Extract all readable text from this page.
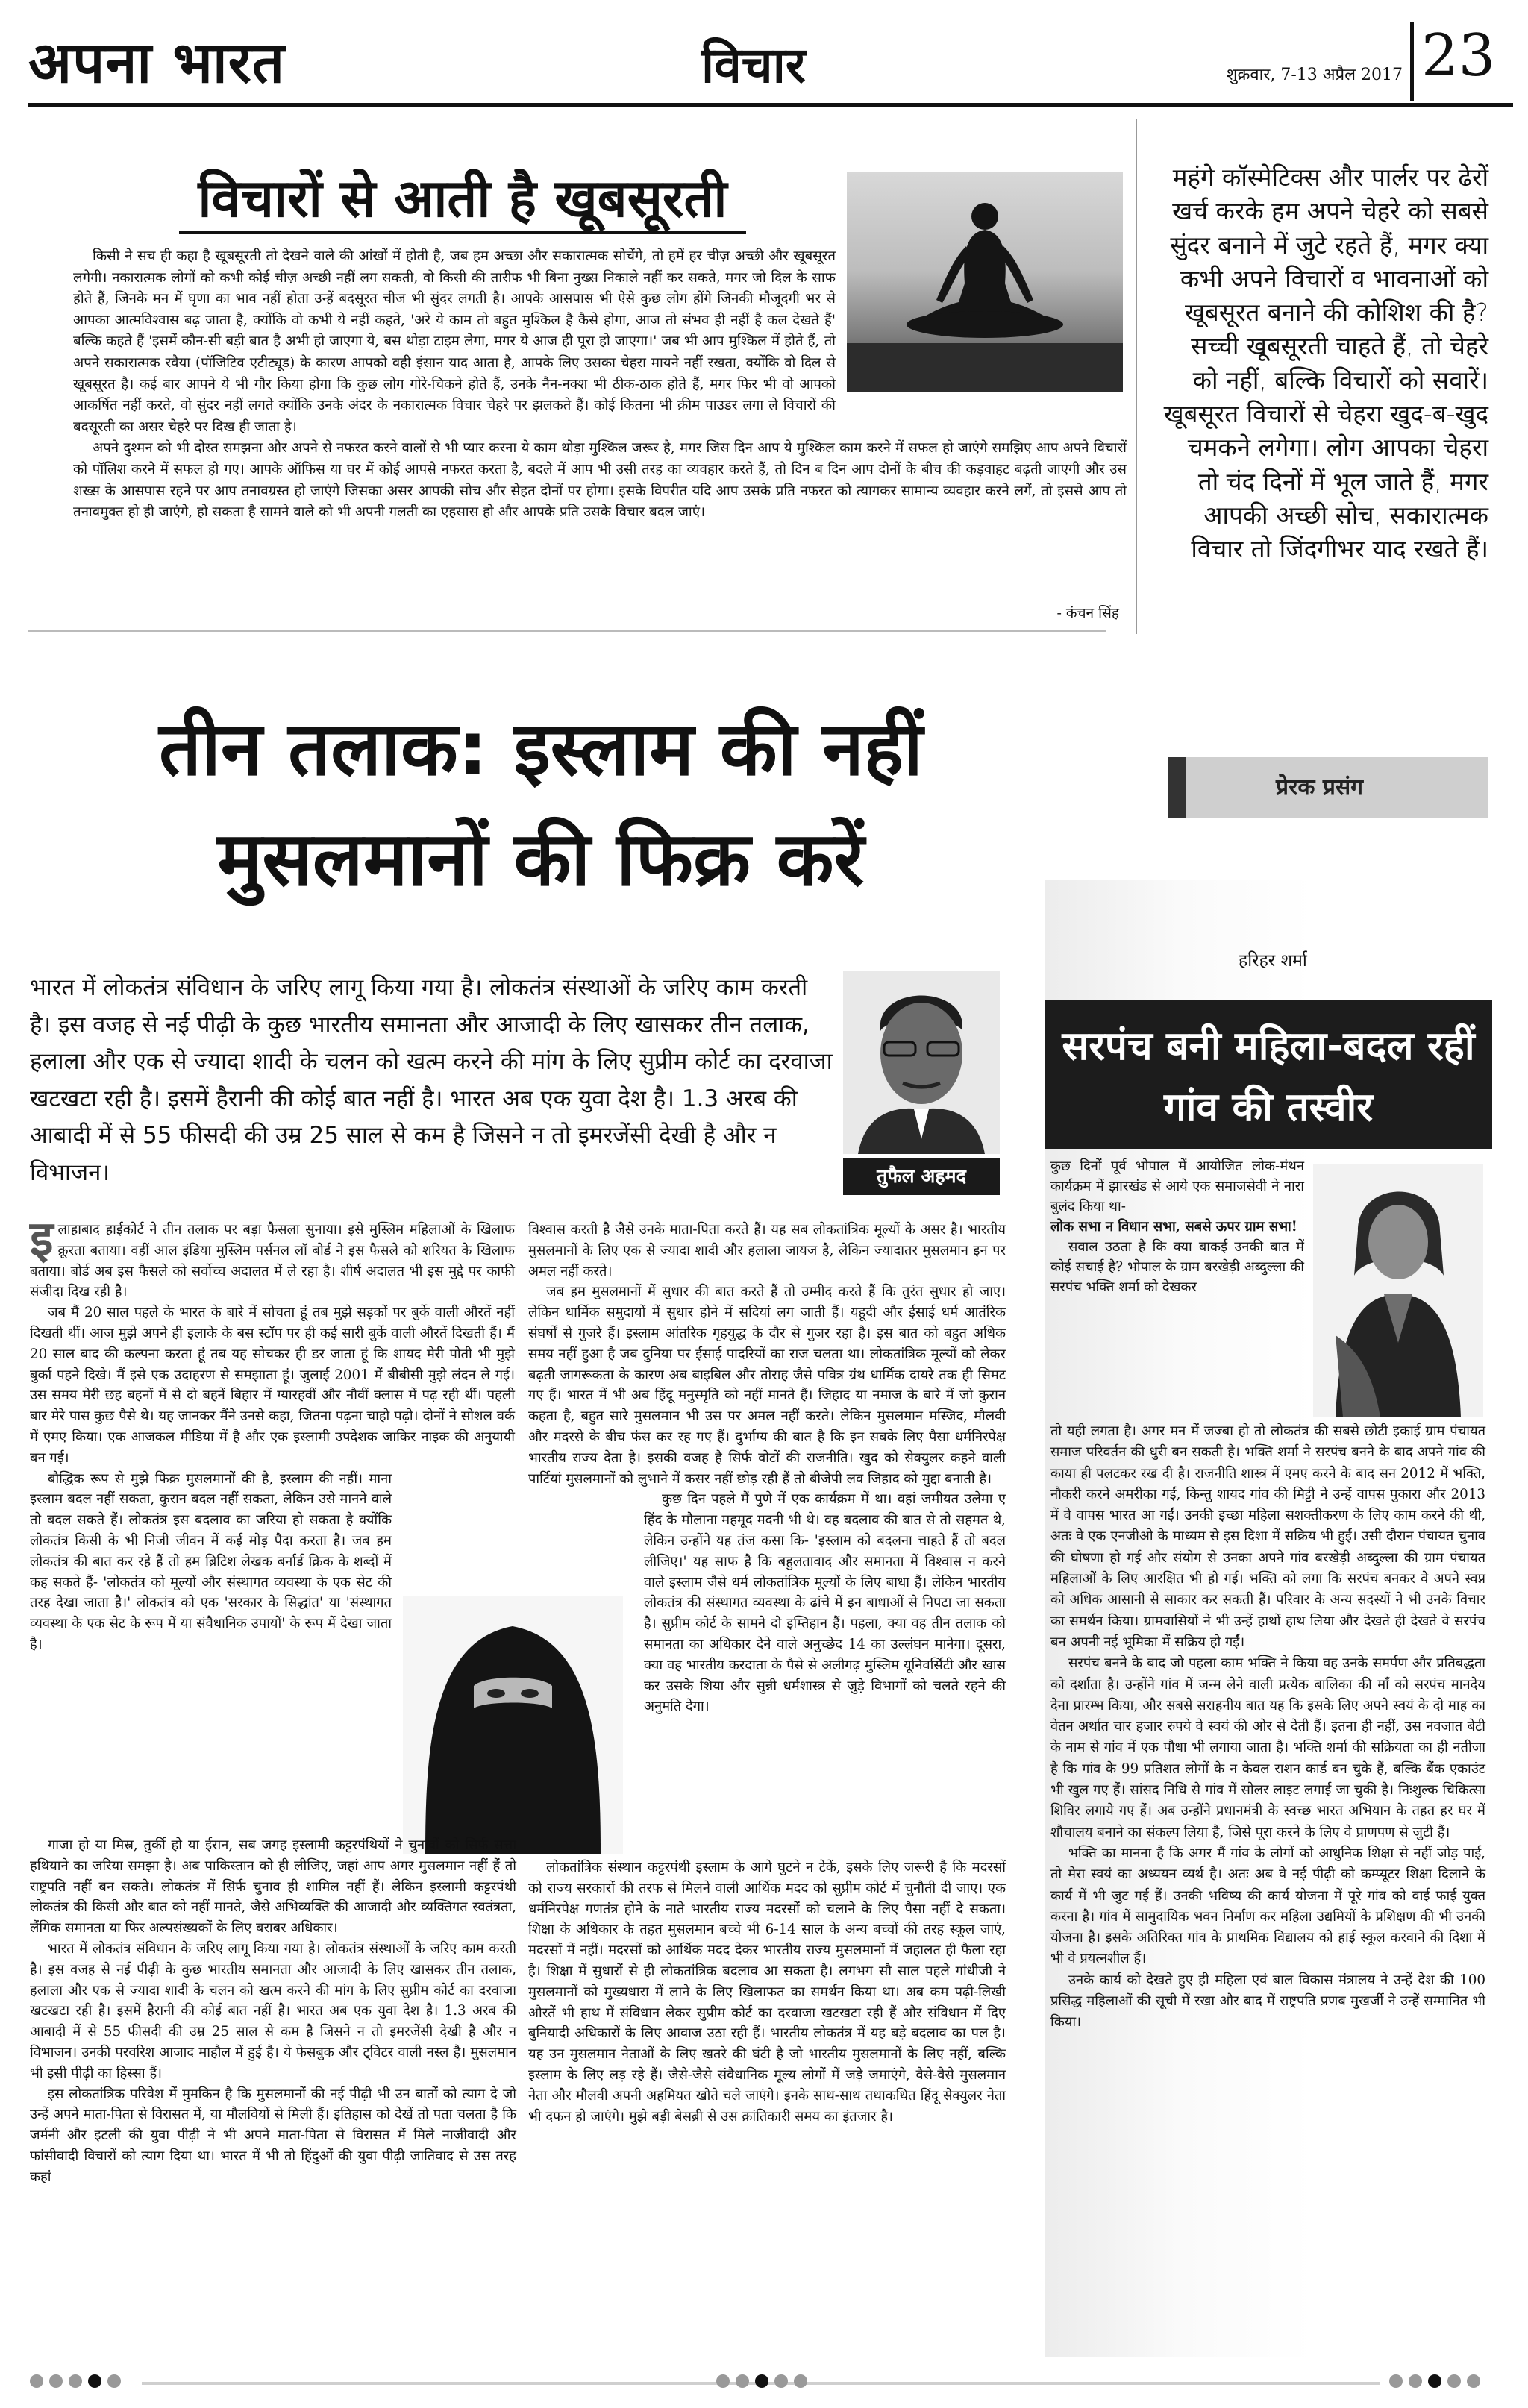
अपना भारत	विचार	शुक्रवार, 7-13 अप्रैल 2017 23
विचारों से आती है खूबसूरती

किसी ने सच ही कहा है खूबसूरती तो देखने वाले की आंखों में होती है, जब हम अच्छा और सकारात्मक सोचेंगे, तो हमें हर चीज़ अच्छी और खूबसूरत लगेगी। नकारात्मक लोगों को कभी कोई चीज़ अच्छी नहीं लग सकती, वो किसी की तारीफ भी बिना नुख्स निकाले नहीं कर सकते, मगर जो दिल के साफ होते हैं, जिनके मन में घृणा का भाव नहीं होता उन्हें बदसूरत चीज भी सुंदर लगती है। आपके आसपास भी ऐसे कुछ लोग होंगे जिनकी मौजूदगी भर से आपका आत्मविश्वास बढ़ जाता है, क्योंकि वो कभी ये नहीं कहते, 'अरे ये काम तो बहुत मुश्किल है कैसे होगा, आज तो संभव ही नहीं है कल देखते हैं' बल्कि कहते हैं 'इसमें कौन-सी बड़ी बात है अभी हो जाएगा ये, बस थोड़ा टाइम लेगा, मगर ये आज ही पूरा हो जाएगा।' जब भी आप मुश्किल में होते हैं, तो अपने सकारात्मक रवैया (पॉजिटिव एटीट्यूड) के कारण आपको वही इंसान याद आता है, आपके लिए उसका चेहरा मायने नहीं रखता, क्योंकि वो दिल से खूबसूरत है। कई बार आपने ये भी गौर किया होगा कि कुछ लोग गोरे-चिकने होते हैं, उनके नैन-नक्श भी ठीक-ठाक होते हैं, मगर फिर भी वो आपको आकर्षित नहीं करते, वो सुंदर नहीं लगते क्योंकि उनके अंदर के नकारात्मक विचार चेहरे पर झलकते हैं। कोई कितना भी क्रीम पाउडर लगा ले विचारों की बदसूरती का असर चेहरे पर दिख ही जाता है।

अपने दुश्मन को भी दोस्त समझना और अपने से नफरत करने वालों से भी प्यार करना ये काम थोड़ा मुश्किल जरूर है, मगर जिस दिन आप ये मुश्किल काम करने में सफल हो जाएंगे समझिए आप अपने विचारों को पॉलिश करने में सफल हो गए। आपके ऑफिस या घर में कोई आपसे नफरत करता है, बदले में आप भी उसी तरह का व्यवहार करते हैं, तो दिन ब दिन आप दोनों के बीच की कड़वाहट बढ़ती जाएगी और उस शख्स के आसपास रहने पर आप तनावग्रस्त हो जाएंगे जिसका असर आपकी सोच और सेहत दोनों पर होगा। इसके विपरीत यदि आप उसके प्रति नफरत को त्यागकर सामान्य व्यवहार करने लगें, तो इससे आप तो तनावमुक्त हो ही जाएंगे, हो सकता है सामने वाले को भी अपनी गलती का एहसास हो और आपके प्रति उसके विचार बदल जाएं।

- कंचन सिंह
महंगे कॉस्मेटिक्स और पार्लर पर ढेरों खर्च करके हम अपने चेहरे को सबसे सुंदर बनाने में जुटे रहते हैं, मगर क्या कभी अपने विचारों व भावनाओं को खूबसूरत बनाने की कोशिश की है? सच्ची खूबसूरती चाहते हैं, तो चेहरे को नहीं, बल्कि विचारों को सवारें। खूबसूरत विचारों से चेहरा खुद-ब-खुद चमकने लगेगा। लोग आपका चेहरा तो चंद दिनों में भूल जाते हैं, मगर आपकी अच्छी सोच, सकारात्मक विचार तो जिंदगीभर याद रखते हैं।
तीन तलाक: इस्लाम की नहीं
मुसलमानों की फिक्र करें
भारत में लोकतंत्र संविधान के जरिए लागू किया गया है। लोकतंत्र संस्थाओं के जरिए काम करती है। इस वजह से नई पीढ़ी के कुछ भारतीय समानता और आजादी के लिए खासकर तीन तलाक, हलाला और एक से ज्यादा शादी के चलन को खत्म करने की मांग के लिए सुप्रीम कोर्ट का दरवाजा खटखटा रही है। इसमें हैरानी की कोई बात नहीं है। भारत अब एक युवा देश है। 1.3 अरब की आबादी में से 55 फीसदी की उम्र 25 साल से कम है जिसने न तो इमरजेंसी देखी है और न विभाजन।	तुफैल अहमद

इलाहाबाद हाईकोर्ट ने तीन तलाक पर बड़ा फैसला सुनाया। इसे मुस्लिम महिलाओं के खिलाफ क्रूरता बताया। वहीं आल इंडिया मुस्लिम पर्सनल लॉ बोर्ड ने इस फैसले को शरियत के खिलाफ बताया। बोर्ड अब इस फैसले को सर्वोच्च अदालत में ले रहा है। शीर्ष अदालत भी इस मुद्दे पर काफी संजीदा दिख रही है।

जब मैं 20 साल पहले के भारत के बारे में सोचता हूं तब मुझे सड़कों पर बुर्के वाली औरतें नहीं दिखती थीं। आज मुझे अपने ही इलाके के बस स्टॉप पर ही कई सारी बुर्के वाली औरतें दिखती हैं। मैं 20 साल बाद की कल्पना करता हूं तब यह सोचकर ही डर जाता हूं कि शायद मेरी पोती भी मुझे बुर्का पहने दिखे। मैं इसे एक उदाहरण से समझाता हूं। जुलाई 2001 में बीबीसी मुझे लंदन ले गई। उस समय मेरी छह बहनों में से दो बहनें बिहार में ग्यारहवीं और नौवीं क्लास में पढ़ रही थीं। पहली बार मेरे पास कुछ पैसे थे। यह जानकर मैंने उनसे कहा, जितना पढ़ना चाहो पढ़ो। दोनों ने सोशल वर्क में एमए किया। एक आजकल मीडिया में है और एक इस्लामी उपदेशक जाकिर नाइक की अनुयायी बन गई।

बौद्धिक रूप से मुझे फिक्र मुसलमानों की है, इस्लाम की नहीं। माना इस्लाम बदल नहीं सकता, कुरान बदल नहीं सकता, लेकिन उसे मानने वाले तो बदल सकते हैं। लोकतंत्र इस बदलाव का जरिया हो सकता है क्योंकि लोकतंत्र किसी के भी निजी जीवन में कई मोड़ पैदा करता है। जब हम लोकतंत्र की बात कर रहे हैं तो हम ब्रिटिश लेखक बर्नार्ड क्रिक के शब्दों में कह सकते हैं- 'लोकतंत्र को मूल्यों और संस्थागत व्यवस्था के एक सेट की तरह देखा जाता है।' लोकतंत्र को एक 'सरकार के सिद्धांत' या 'संस्थागत व्यवस्था के एक सेट के रूप में या संवैधानिक उपायों' के रूप में देखा जाता है।

गाजा हो या मिस्र, तुर्की हो या ईरान, सब जगह इस्लामी कट्टरपंथियों ने चुनावों को सिर्फ सत्ता हथियाने का जरिया समझा है। अब पाकिस्तान को ही लीजिए, जहां आप अगर मुसलमान नहीं हैं तो राष्ट्रपति नहीं बन सकते। लोकतंत्र में सिर्फ चुनाव ही शामिल नहीं हैं। लेकिन इस्लामी कट्टरपंथी लोकतंत्र की किसी और बात को नहीं मानते, जैसे अभिव्यक्ति की आजादी और व्यक्तिगत स्वतंत्रता, लैंगिक समानता या फिर अल्पसंख्यकों के लिए बराबर अधिकार।

भारत में लोकतंत्र संविधान के जरिए लागू किया गया है। लोकतंत्र संस्थाओं के जरिए काम करती है। इस वजह से नई पीढ़ी के कुछ भारतीय समानता और आजादी के लिए खासकर तीन तलाक, हलाला और एक से ज्यादा शादी के चलन को खत्म करने की मांग के लिए सुप्रीम कोर्ट का दरवाजा खटखटा रही है। इसमें हैरानी की कोई बात नहीं है। भारत अब एक युवा देश है। 1.3 अरब की आबादी में से 55 फीसदी की उम्र 25 साल से कम है जिसने न तो इमरजेंसी देखी है और न विभाजन। उनकी परवरिश आजाद माहौल में हुई है। ये फेसबुक और ट्विटर वाली नस्ल है। मुसलमान भी इसी पीढ़ी का हिस्सा हैं।

इस लोकतांत्रिक परिवेश में मुमकिन है कि मुसलमानों की नई पीढ़ी भी उन बातों को त्याग दे जो उन्हें अपने माता-पिता से विरासत में, या मौलवियों से मिली हैं। इतिहास को देखें तो पता चलता है कि जर्मनी और इटली की युवा पीढ़ी ने भी अपने माता-पिता से विरासत में मिले नाजीवादी और फांसीवादी विचारों को त्याग दिया था। भारत में भी तो हिंदुओं की युवा पीढ़ी जातिवाद से उस तरह कहां

विश्वास करती है जैसे उनके माता-पिता करते हैं। यह सब लोकतांत्रिक मूल्यों के असर है। भारतीय मुसलमानों के लिए एक से ज्यादा शादी और हलाला जायज है, लेकिन ज्यादातर मुसलमान इन पर अमल नहीं करते।

जब हम मुसलमानों में सुधार की बात करते हैं तो उम्मीद करते हैं कि तुरंत सुधार हो जाए। लेकिन धार्मिक समुदायों में सुधार होने में सदियां लग जाती हैं। यहूदी और ईसाई धर्म आतंरिक संघर्षों से गुजरे हैं। इस्लाम आंतरिक गृहयुद्ध के दौर से गुजर रहा है। इस बात को बहुत अधिक समय नहीं हुआ है जब दुनिया पर ईसाई पादरियों का राज चलता था। लोकतांत्रिक मूल्यों को लेकर बढ़ती जागरूकता के कारण अब बाइबिल और तोराह जैसे पवित्र ग्रंथ धार्मिक दायरे तक ही सिमट गए हैं। भारत में भी अब हिंदू मनुस्मृति को नहीं मानते हैं। जिहाद या नमाज के बारे में जो कुरान कहता है, बहुत सारे मुसलमान भी उस पर अमल नहीं करते। लेकिन मुसलमान मस्जिद, मौलवी और मदरसे के बीच फंस कर रह गए हैं। दुर्भाग्य की बात है कि इन सबके लिए पैसा धर्मनिरपेक्ष भारतीय राज्य देता है। इसकी वजह है सिर्फ वोटों की राजनीति। खुद को सेक्युलर कहने वाली पार्टियां मुसलमानों को लुभाने में कसर नहीं छोड़ रही हैं तो बीजेपी लव जिहाद को मुद्दा बनाती है।

कुछ दिन पहले मैं पुणे में एक कार्यक्रम में था। वहां जमीयत उलेमा ए हिंद के मौलाना महमूद मदनी भी थे। वह बदलाव की बात से तो सहमत थे, लेकिन उन्होंने यह तंज कसा कि- 'इस्लाम को बदलना चाहते हैं तो बदल लीजिए।' यह साफ है कि बहुलतावाद और समानता में विश्वास न करने वाले इस्लाम जैसे धर्म लोकतांत्रिक मूल्यों के लिए बाधा हैं। लेकिन भारतीय लोकतंत्र की संस्थागत व्यवस्था के ढांचे में इन बाधाओं से निपटा जा सकता है। सुप्रीम कोर्ट के सामने दो इम्तिहान हैं। पहला, क्या वह तीन तलाक को समानता का अधिकार देने वाले अनुच्छेद 14 का उल्लंघन मानेगा। दूसरा, क्या वह भारतीय करदाता के पैसे से अलीगढ़ मुस्लिम यूनिवर्सिटी और खास कर उसके शिया और सुन्नी धर्मशास्त्र से जुड़े विभागों को चलते रहने की अनुमति देगा।

लोकतांत्रिक संस्थान कट्टरपंथी इस्लाम के आगे घुटने न टेकें, इसके लिए जरूरी है कि मदरसों को राज्य सरकारों की तरफ से मिलने वाली आर्थिक मदद को सुप्रीम कोर्ट में चुनौती दी जाए। एक धर्मनिरपेक्ष गणतंत्र होने के नाते भारतीय राज्य मदरसों को चलाने के लिए पैसा नहीं दे सकता। शिक्षा के अधिकार के तहत मुसलमान बच्चे भी 6-14 साल के अन्य बच्चों की तरह स्कूल जाएं, मदरसों में नहीं। मदरसों को आर्थिक मदद देकर भारतीय राज्य मुसलमानों में जहालत ही फैला रहा है। शिक्षा में सुधारों से ही लोकतांत्रिक बदलाव आ सकता है। लगभग सौ साल पहले गांधीजी ने मुसलमानों को मुख्यधारा में लाने के लिए खिलाफत का समर्थन किया था। अब कम पढ़ी-लिखी औरतें भी हाथ में संविधान लेकर सुप्रीम कोर्ट का दरवाजा खटखटा रही हैं और संविधान में दिए बुनियादी अधिकारों के लिए आवाज उठा रही हैं। भारतीय लोकतंत्र में यह बड़े बदलाव का पल है। यह उन मुसलमान नेताओं के लिए खतरे की घंटी है जो भारतीय मुसलमानों के लिए नहीं, बल्कि इस्लाम के लिए लड़ रहे हैं। जैसे-जैसे संवैधानिक मूल्य लोगों में जड़े जमाएंगे, वैसे-वैसे मुसलमान नेता और मौलवी अपनी अहमियत खोते चले जाएंगे। इनके साथ-साथ तथाकथित हिंदू सेक्युलर नेता भी दफन हो जाएंगे। मुझे बड़ी बेसब्री से उस क्रांतिकारी समय का इंतजार है।

प्रेरक प्रसंग
हरिहर शर्मा
सरपंच बनी महिला-बदल रहीं गांव की तस्वीर

कुछ दिनों पूर्व भोपाल में आयोजित लोक-मंथन कार्यक्रम में झारखंड से आये एक समाजसेवी ने नारा बुलंद किया था-

लोक सभा न विधान सभा, सबसे ऊपर ग्राम सभा!

सवाल उठता है कि क्या बाकई उनकी बात में कोई सचाई है? भोपाल के ग्राम बरखेड़ी अब्दुल्ला की सरपंच भक्ति शर्मा को देखकर

तो यही लगता है। अगर मन में जज्बा हो तो लोकतंत्र की सबसे छोटी इकाई ग्राम पंचायत समाज परिवर्तन की धुरी बन सकती है। भक्ति शर्मा ने सरपंच बनने के बाद अपने गांव की काया ही पलटकर रख दी है। राजनीति शास्त्र में एमए करने के बाद सन 2012 में भक्ति, नौकरी करने अमरीका गईं, किन्तु शायद गांव की मिट्टी ने उन्हें वापस पुकारा और 2013 में वे वापस भारत आ गईं। उनकी इच्छा महिला सशक्तीकरण के लिए काम करने की थी, अतः वे एक एनजीओ के माध्यम से इस दिशा में सक्रिय भी हुईं। उसी दौरान पंचायत चुनाव की घोषणा हो गई और संयोग से उनका अपने गांव बरखेड़ी अब्दुल्ला की ग्राम पंचायत महिलाओं के लिए आरक्षित भी हो गई। भक्ति को लगा कि सरपंच बनकर वे अपने स्वप्न को अधिक आसानी से साकार कर सकती हैं। परिवार के अन्य सदस्यों ने भी उनके विचार का समर्थन किया। ग्रामवासियों ने भी उन्हें हाथों हाथ लिया और देखते ही देखते वे सरपंच बन अपनी नई भूमिका में सक्रिय हो गईं।

सरपंच बनने के बाद जो पहला काम भक्ति ने किया वह उनके समर्पण और प्रतिबद्धता को दर्शाता है। उन्होंने गांव में जन्म लेने वाली प्रत्येक बालिका की माँ को सरपंच मानदेय देना प्रारम्भ किया, और सबसे सराहनीय बात यह कि इसके लिए अपने स्वयं के दो माह का वेतन अर्थात चार हजार रुपये वे स्वयं की ओर से देती हैं। इतना ही नहीं, उस नवजात बेटी के नाम से गांव में एक पौधा भी लगाया जाता है। भक्ति शर्मा की सक्रियता का ही नतीजा है कि गांव के 99 प्रतिशत लोगों के न केवल राशन कार्ड बन चुके हैं, बल्कि बैंक एकाउंट भी खुल गए हैं। सांसद निधि से गांव में सोलर लाइट लगाई जा चुकी है। निःशुल्क चिकित्सा शिविर लगाये गए हैं। अब उन्होंने प्रधानमंत्री के स्वच्छ भारत अभियान के तहत हर घर में शौचालय बनाने का संकल्प लिया है, जिसे पूरा करने के लिए वे प्राणपण से जुटी हैं।

भक्ति का मानना है कि अगर मैं गांव के लोगों को आधुनिक शिक्षा से नहीं जोड़ पाई, तो मेरा स्वयं का अध्ययन व्यर्थ है। अतः अब वे नई पीढ़ी को कम्प्यूटर शिक्षा दिलाने के कार्य में भी जुट गई हैं। उनकी भविष्य की कार्य योजना में पूरे गांव को वाई फाई युक्त करना है। गांव में सामुदायिक भवन निर्माण कर महिला उद्यमियों के प्रशिक्षण की भी उनकी योजना है। इसके अतिरिक्त गांव के प्राथमिक विद्यालय को हाई स्कूल करवाने की दिशा में भी वे प्रयत्नशील हैं।

उनके कार्य को देखते हुए ही महिला एवं बाल विकास मंत्रालय ने उन्हें देश की 100 प्रसिद्ध महिलाओं की सूची में रखा और बाद में राष्ट्रपति प्रणब मुखर्जी ने उन्हें सम्मानित भी किया।
